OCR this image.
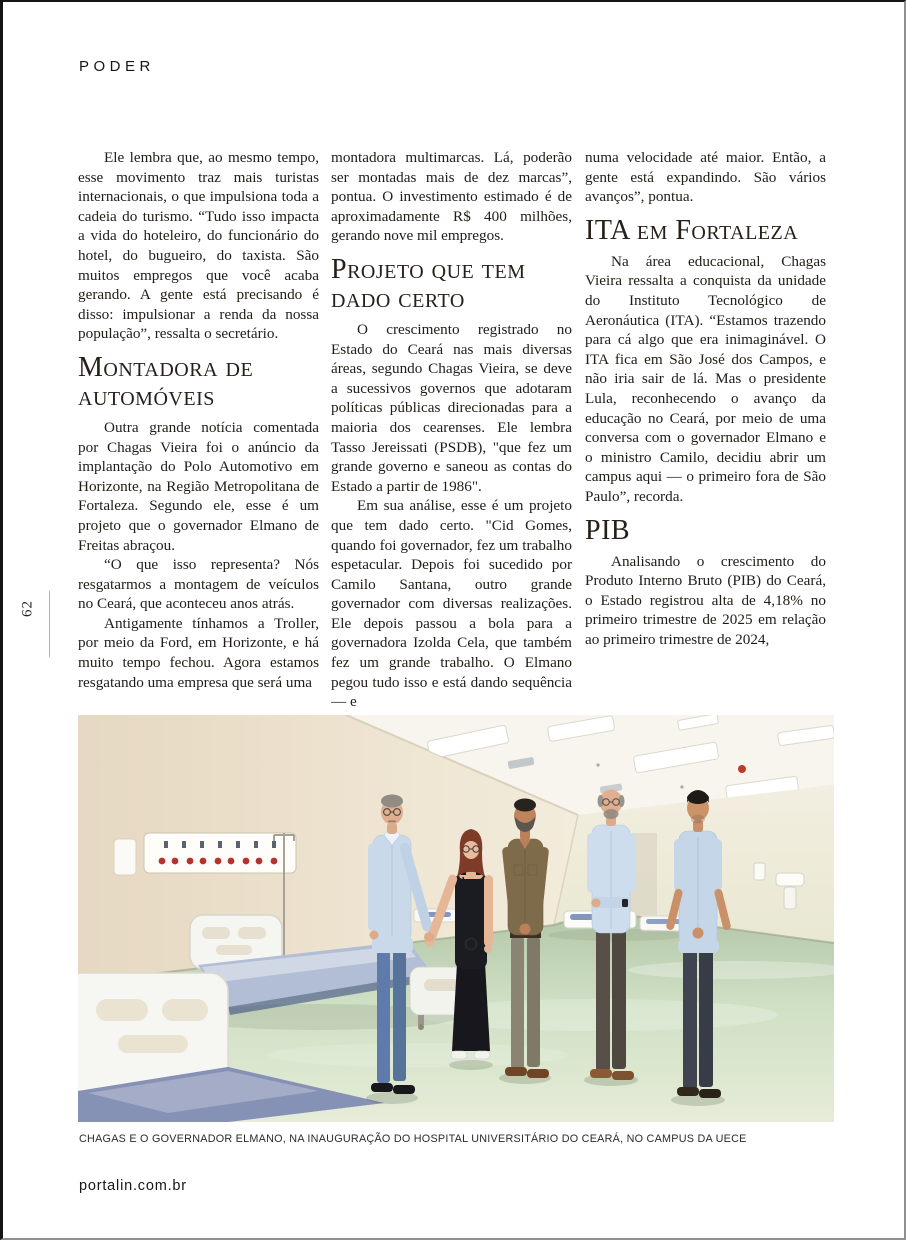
PODER
62

Ele lembra que, ao mesmo tempo, esse movimento traz mais turistas internacionais, o que impulsiona toda a cadeia do turismo. “Tudo isso impacta a vida do hoteleiro, do funcionário do hotel, do bugueiro, do taxista. São muitos empregos que você acaba gerando. A gente está precisando é disso: impulsionar a renda da nossa população”, ressalta o secretário.

Montadora de automóveis

Outra grande notícia comentada por Chagas Vieira foi o anúncio da implantação do Polo Automotivo em Horizonte, na Região Metropolitana de Fortaleza. Segundo ele, esse é um projeto que o governador Elmano de Freitas abraçou.

“O que isso representa? Nós resgatarmos a montagem de veículos no Ceará, que aconteceu anos atrás.

Antigamente tínhamos a Troller, por meio da Ford, em Horizonte, e há muito tempo fechou. Agora estamos resgatando uma empresa que será uma

montadora multimarcas. Lá, poderão ser montadas mais de dez marcas”, pontua. O investimento estimado é de aproximadamente R$ 400 milhões, gerando nove mil empregos.

Projeto que tem dado certo

O crescimento registrado no Estado do Ceará nas mais diversas áreas, segundo Chagas Vieira, se deve a sucessivos governos que adotaram políticas públicas direcionadas para a maioria dos cearenses. Ele lembra Tasso Jereissati (PSDB), "que fez um grande governo e saneou as contas do Estado a partir de 1986".

Em sua análise, esse é um projeto que tem dado certo. "Cid Gomes, quando foi governador, fez um trabalho espetacular. Depois foi sucedido por Camilo Santana, outro grande governador com diversas realizações. Ele depois passou a bola para a governadora Izolda Cela, que também fez um grande trabalho. O Elmano pegou tudo isso e está dando sequência — e

numa velocidade até maior. Então, a gente está expandindo. São vários avanços”, pontua.

ITA em Fortaleza

Na área educacional, Chagas Vieira ressalta a conquista da unidade do Instituto Tecnológico de Aeronáutica (ITA). “Estamos trazendo para cá algo que era inimaginável. O ITA fica em São José dos Campos, e não iria sair de lá. Mas o presidente Lula, reconhecendo o avanço da educação no Ceará, por meio de uma conversa com o governador Elmano e o ministro Camilo, decidiu abrir um campus aqui — o primeiro fora de São Paulo”, recorda.

PIB

Analisando o crescimento do Produto Interno Bruto (PIB) do Ceará, o Estado registrou alta de 4,18% no primeiro trimestre de 2025 em relação ao primeiro trimestre de 2024,

CHAGAS E O GOVERNADOR ELMANO, NA INAUGURAÇÃO DO HOSPITAL UNIVERSITÁRIO DO CEARÁ, NO CAMPUS DA UECE
portalin.com.br
